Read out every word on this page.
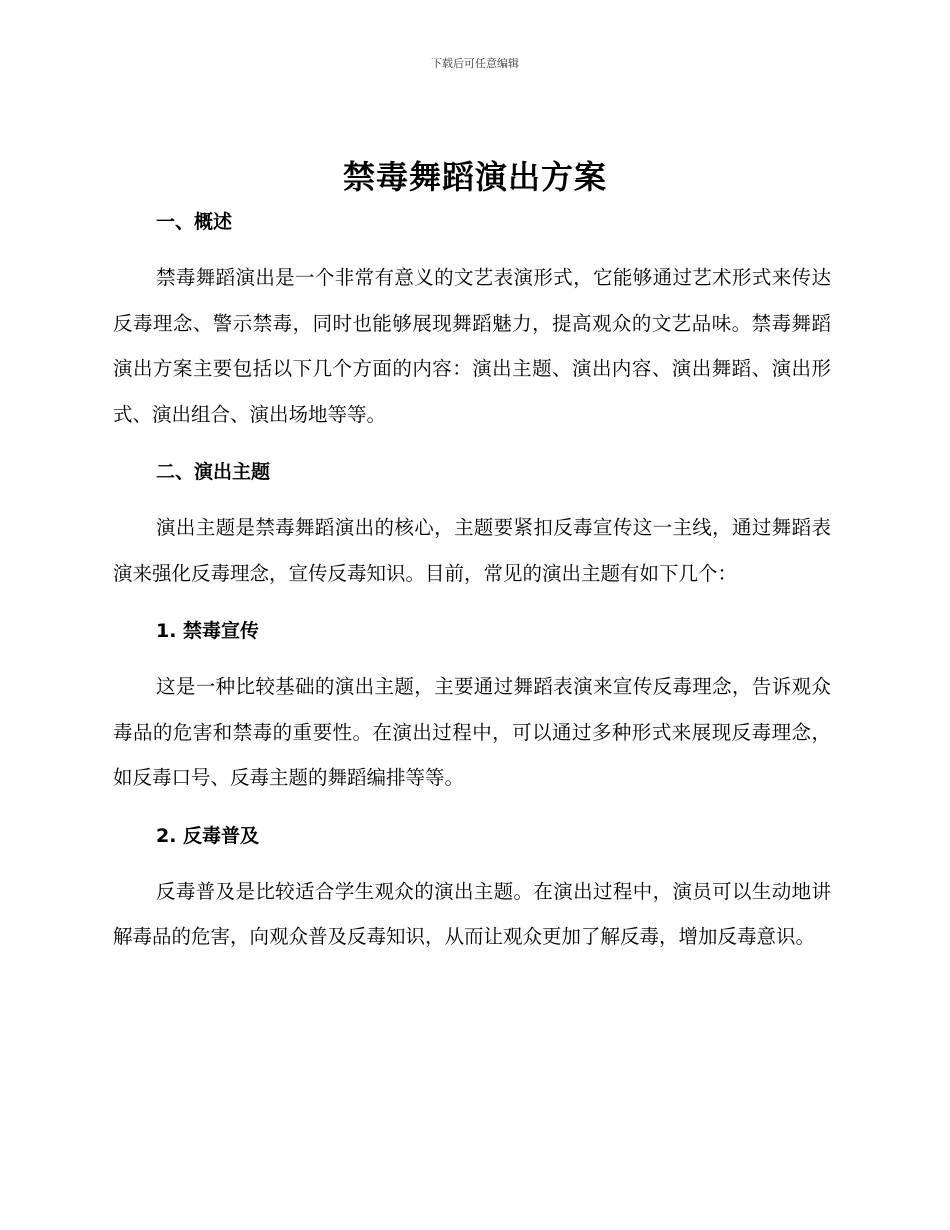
下载后可任意编辑
禁毒舞蹈演出方案
一、概述

禁毒舞蹈演出是一个非常有意义的文艺表演形式，它能够通过艺术形式来传达反毒理念、警示禁毒，同时也能够展现舞蹈魅力，提高观众的文艺品味。禁毒舞蹈演出方案主要包括以下几个方面的内容：演出主题、演出内容、演出舞蹈、演出形式、演出组合、演出场地等等。

二、演出主题

演出主题是禁毒舞蹈演出的核心，主题要紧扣反毒宣传这一主线，通过舞蹈表演来强化反毒理念，宣传反毒知识。目前，常见的演出主题有如下几个：

1. 禁毒宣传

这是一种比较基础的演出主题，主要通过舞蹈表演来宣传反毒理念，告诉观众毒品的危害和禁毒的重要性。在演出过程中，可以通过多种形式来展现反毒理念，如反毒口号、反毒主题的舞蹈编排等等。

2. 反毒普及

反毒普及是比较适合学生观众的演出主题。在演出过程中，演员可以生动地讲解毒品的危害，向观众普及反毒知识，从而让观众更加了解反毒，增加反毒意识。
